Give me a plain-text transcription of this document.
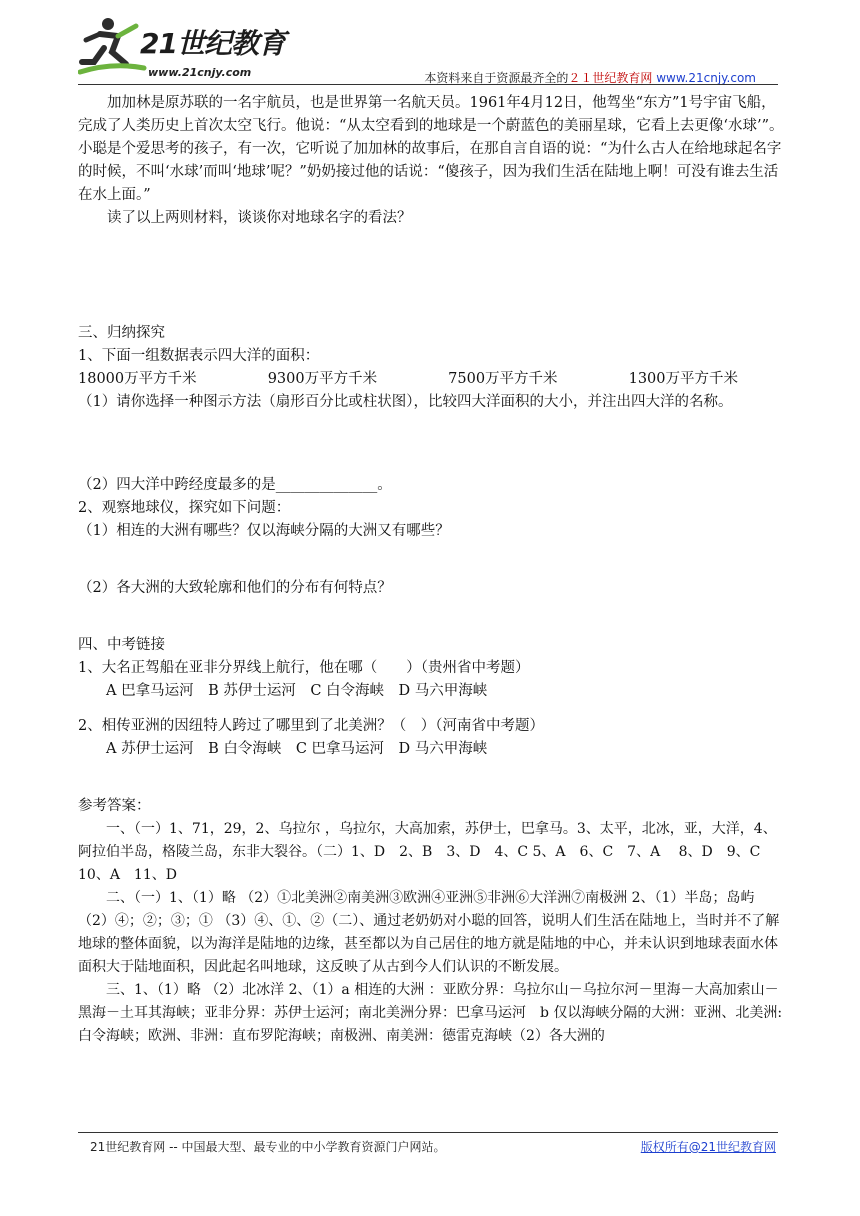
21世纪教育
www.21cnjy.com	本资料来自于资源最齐全的２１世纪教育网 www.21cnjy.com

加加林是原苏联的一名宇航员，也是世界第一名航天员。1961年4月12日，他驾坐“东方”1号宇宙飞船，完成了人类历史上首次太空飞行。他说：“从太空看到的地球是一个蔚蓝色的美丽星球，它看上去更像‘水球’”。小聪是个爱思考的孩子，有一次，它听说了加加林的故事后，在那自言自语的说：“为什么古人在给地球起名字的时候，不叫‘水球’而叫‘地球’呢？”奶奶接过他的话说：“傻孩子，因为我们生活在陆地上啊！可没有谁去生活在水上面。”

读了以上两则材料，谈谈你对地球名字的看法？

三、归纳探究

1、下面一组数据表示四大洋的面积：

18000万平方千米	9300万平方千米	7500万平方千米	1300万平方千米

（1）请你选择一种图示方法（扇形百分比或柱状图），比较四大洋面积的大小，并注出四大洋的名称。

（2）四大洋中跨经度最多的是______________。

2、观察地球仪，探究如下问题：

（1）相连的大洲有哪些？仅以海峡分隔的大洲又有哪些？

（2）各大洲的大致轮廓和他们的分布有何特点？

四、中考链接

1、大名正驾船在亚非分界线上航行，他在哪（　　）（贵州省中考题）

A 巴拿马运河　B 苏伊士运河　C 白令海峡　D 马六甲海峡

2、相传亚洲的因纽特人跨过了哪里到了北美洲？（　）（河南省中考题）

A 苏伊士运河　B 白令海峡　C 巴拿马运河　D 马六甲海峡

参考答案：

一、（一）1、71，29，2、乌拉尔 ，乌拉尔，大高加索，苏伊士，巴拿马。3、太平，北冰，亚，大洋，4、阿拉伯半岛，格陵兰岛，东非大裂谷。（二）1、D　2、B　3、D　4、C 5、A　6、C　7、A　 8、D　9、C　10、A　11、D

二、（一）1、（1）略 （2）①北美洲②南美洲③欧洲④亚洲⑤非洲⑥大洋洲⑦南极洲 2、（1）半岛；岛屿 （2）④；②；③；① （3）④、①、②（二）、通过老奶奶对小聪的回答，说明人们生活在陆地上，当时并不了解地球的整体面貌，以为海洋是陆地的边缘，甚至都以为自己居住的地方就是陆地的中心，并未认识到地球表面水体面积大于陆地面积，因此起名叫地球，这反映了从古到今人们认识的不断发展。

三、1、（1）略 （2）北冰洋 2、（1）a 相连的大洲 ：亚欧分界：乌拉尔山－乌拉尔河－里海－大高加索山－黑海－土耳其海峡；亚非分界：苏伊士运河；南北美洲分界：巴拿马运河　b 仅以海峡分隔的大洲：亚洲、北美洲:白令海峡；欧洲、非洲：直布罗陀海峡；南极洲、南美洲：德雷克海峡（2）各大洲的

21世纪教育网 -- 中国最大型、最专业的中小学教育资源门户网站。	版权所有@21世纪教育网
